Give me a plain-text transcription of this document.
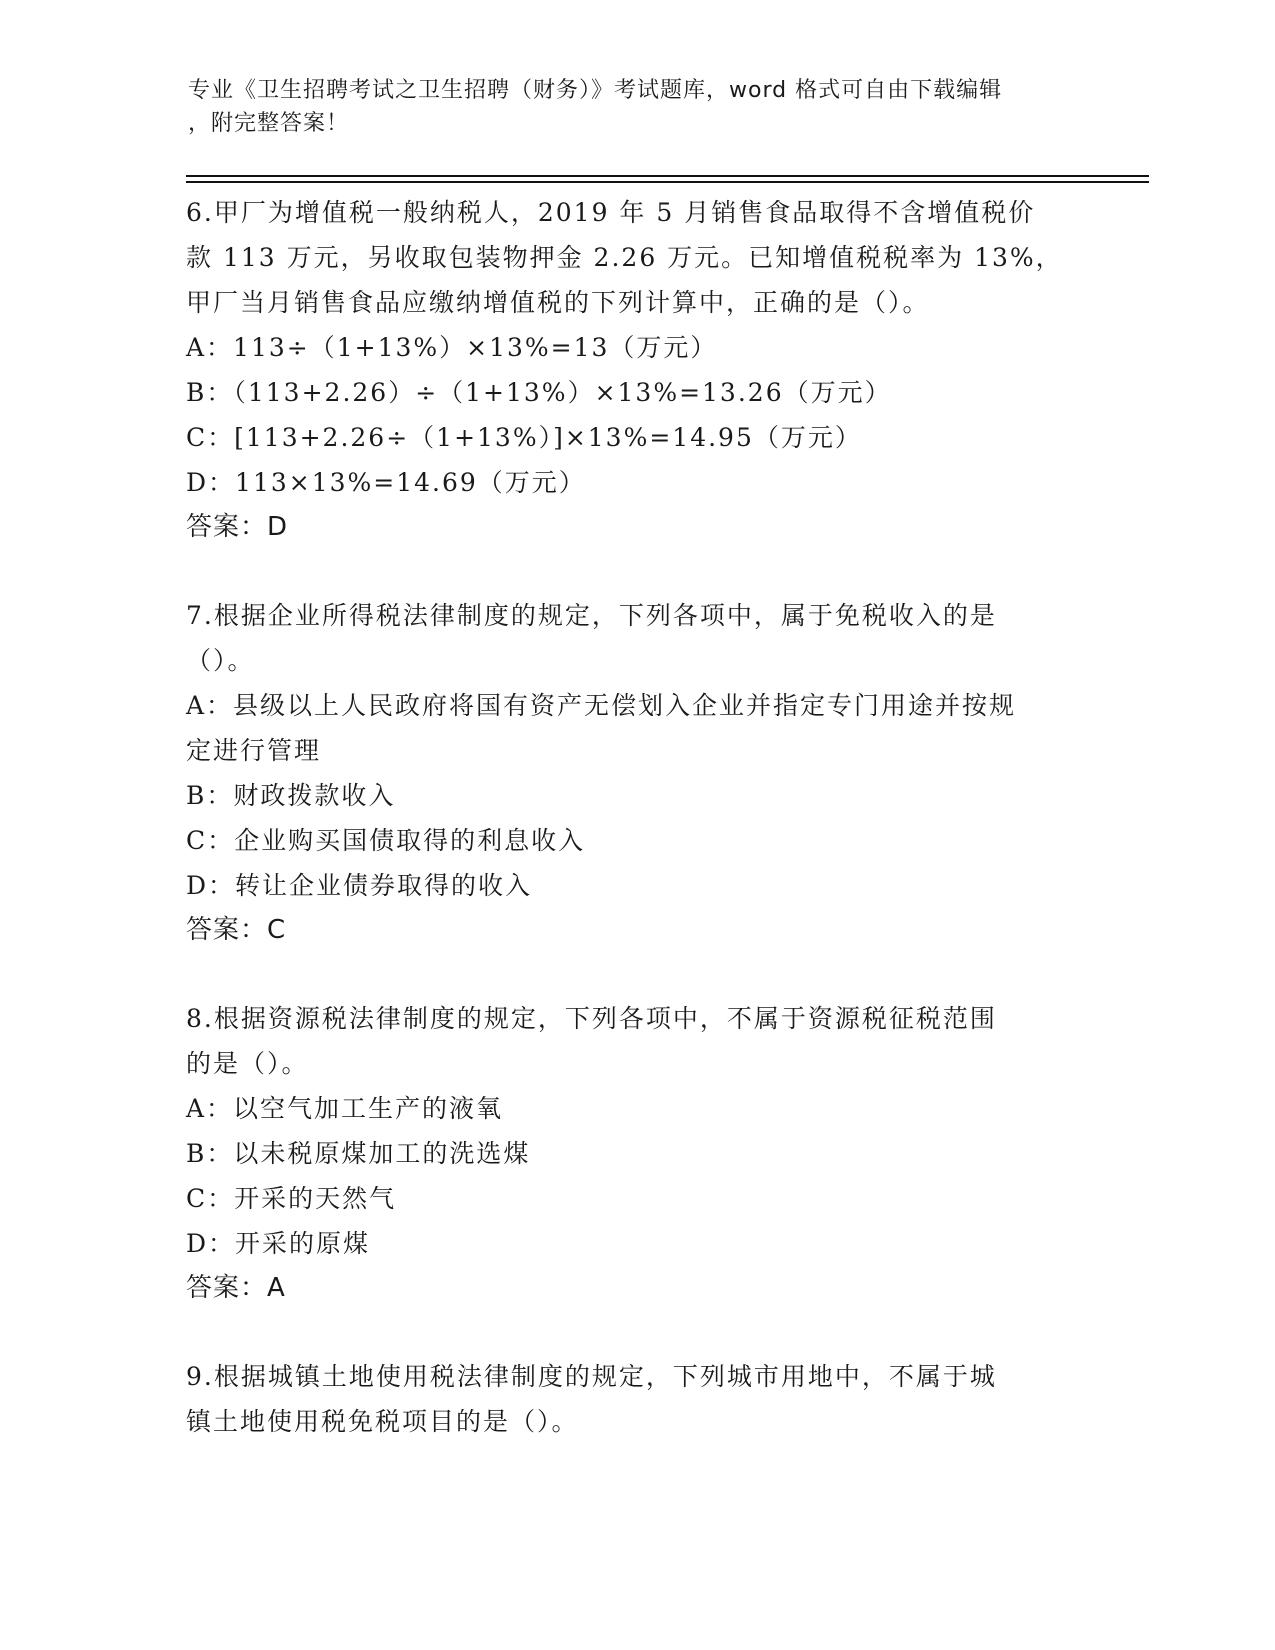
专业《卫生招聘考试之卫生招聘（财务）》考试题库，word 格式可自由下载编辑
，附完整答案！
6.甲厂为增值税一般纳税人，2019 年 5 月销售食品取得不含增值税价
款 113 万元，另收取包装物押金 2.26 万元。已知增值税税率为 13%，
甲厂当月销售食品应缴纳增值税的下列计算中，正确的是（）。
A：113÷（1+13%）×13%=13（万元）
B：（113+2.26）÷（1+13%）×13%=13.26（万元）
C：[113+2.26÷（1+13%）]×13%=14.95（万元）
D：113×13%=14.69（万元）
答案：D
7.根据企业所得税法律制度的规定，下列各项中，属于免税收入的是
（）。
A：县级以上人民政府将国有资产无偿划入企业并指定专门用途并按规
定进行管理
B：财政拨款收入
C：企业购买国债取得的利息收入
D：转让企业债券取得的收入
答案：C
8.根据资源税法律制度的规定，下列各项中，不属于资源税征税范围
的是（）。
A：以空气加工生产的液氧
B：以未税原煤加工的洗选煤
C：开采的天然气
D：开采的原煤
答案：A
9.根据城镇土地使用税法律制度的规定，下列城市用地中，不属于城
镇土地使用税免税项目的是（）。
